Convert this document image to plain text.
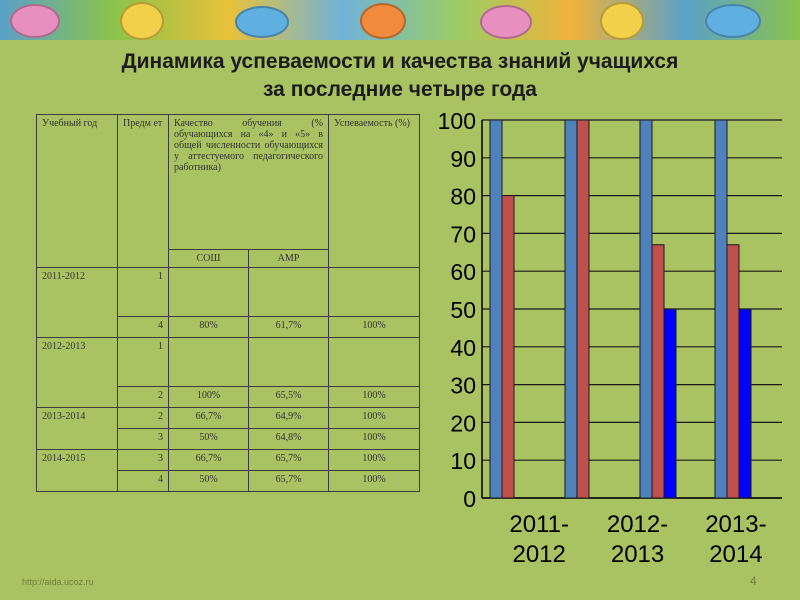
Динамика успеваемости и качества знаний учащихся
за последние четыре года
Учебный год	Предм ет	Качество обучения (% обучающихся на «4» и «5» в общей численности обучающихся у аттестуемого педагогического работника)		Успеваемость (%)
		СОШ	АМР	
2011-2012	1			
	4	80%	61,7%	100%
2012-2013	1			
	2	100%	65,5%	100%
2013-2014	2	66,7%	64,9%	100%
	3	50%	64,8%	100%
2014-2015	3	66,7%	65,7%	100%
	4	50%	65,7%	100%
0
10
20
30
40
50
60
70
80
90
100
2011-
2012
2012-
2013
2013-
2014
http://aida.ucoz.ru	4
